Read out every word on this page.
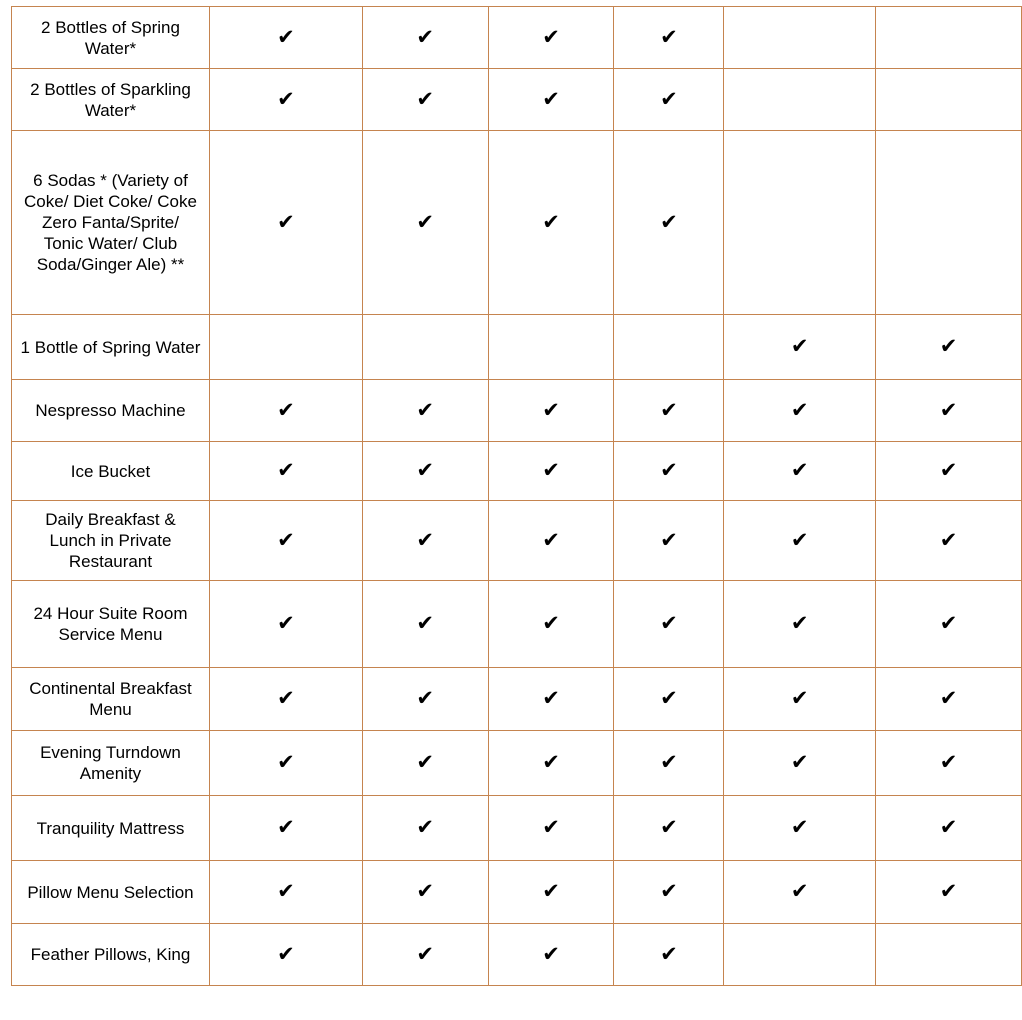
2 Bottles of Spring Water*	✔	✔	✔	✔		
2 Bottles of Sparkling Water*	✔	✔	✔	✔		
6 Sodas * (Variety of Coke/ Diet Coke/ Coke Zero Fanta/Sprite/ Tonic Water/ Club Soda/Ginger Ale) **	✔	✔	✔	✔		
1 Bottle of Spring Water					✔	✔
Nespresso Machine	✔	✔	✔	✔	✔	✔
Ice Bucket	✔	✔	✔	✔	✔	✔
Daily Breakfast & Lunch in Private Restaurant	✔	✔	✔	✔	✔	✔
24 Hour Suite Room Service Menu	✔	✔	✔	✔	✔	✔
Continental Breakfast Menu	✔	✔	✔	✔	✔	✔
Evening Turndown Amenity	✔	✔	✔	✔	✔	✔
Tranquility Mattress	✔	✔	✔	✔	✔	✔
Pillow Menu Selection	✔	✔	✔	✔	✔	✔
Feather Pillows, King	✔	✔	✔	✔		
